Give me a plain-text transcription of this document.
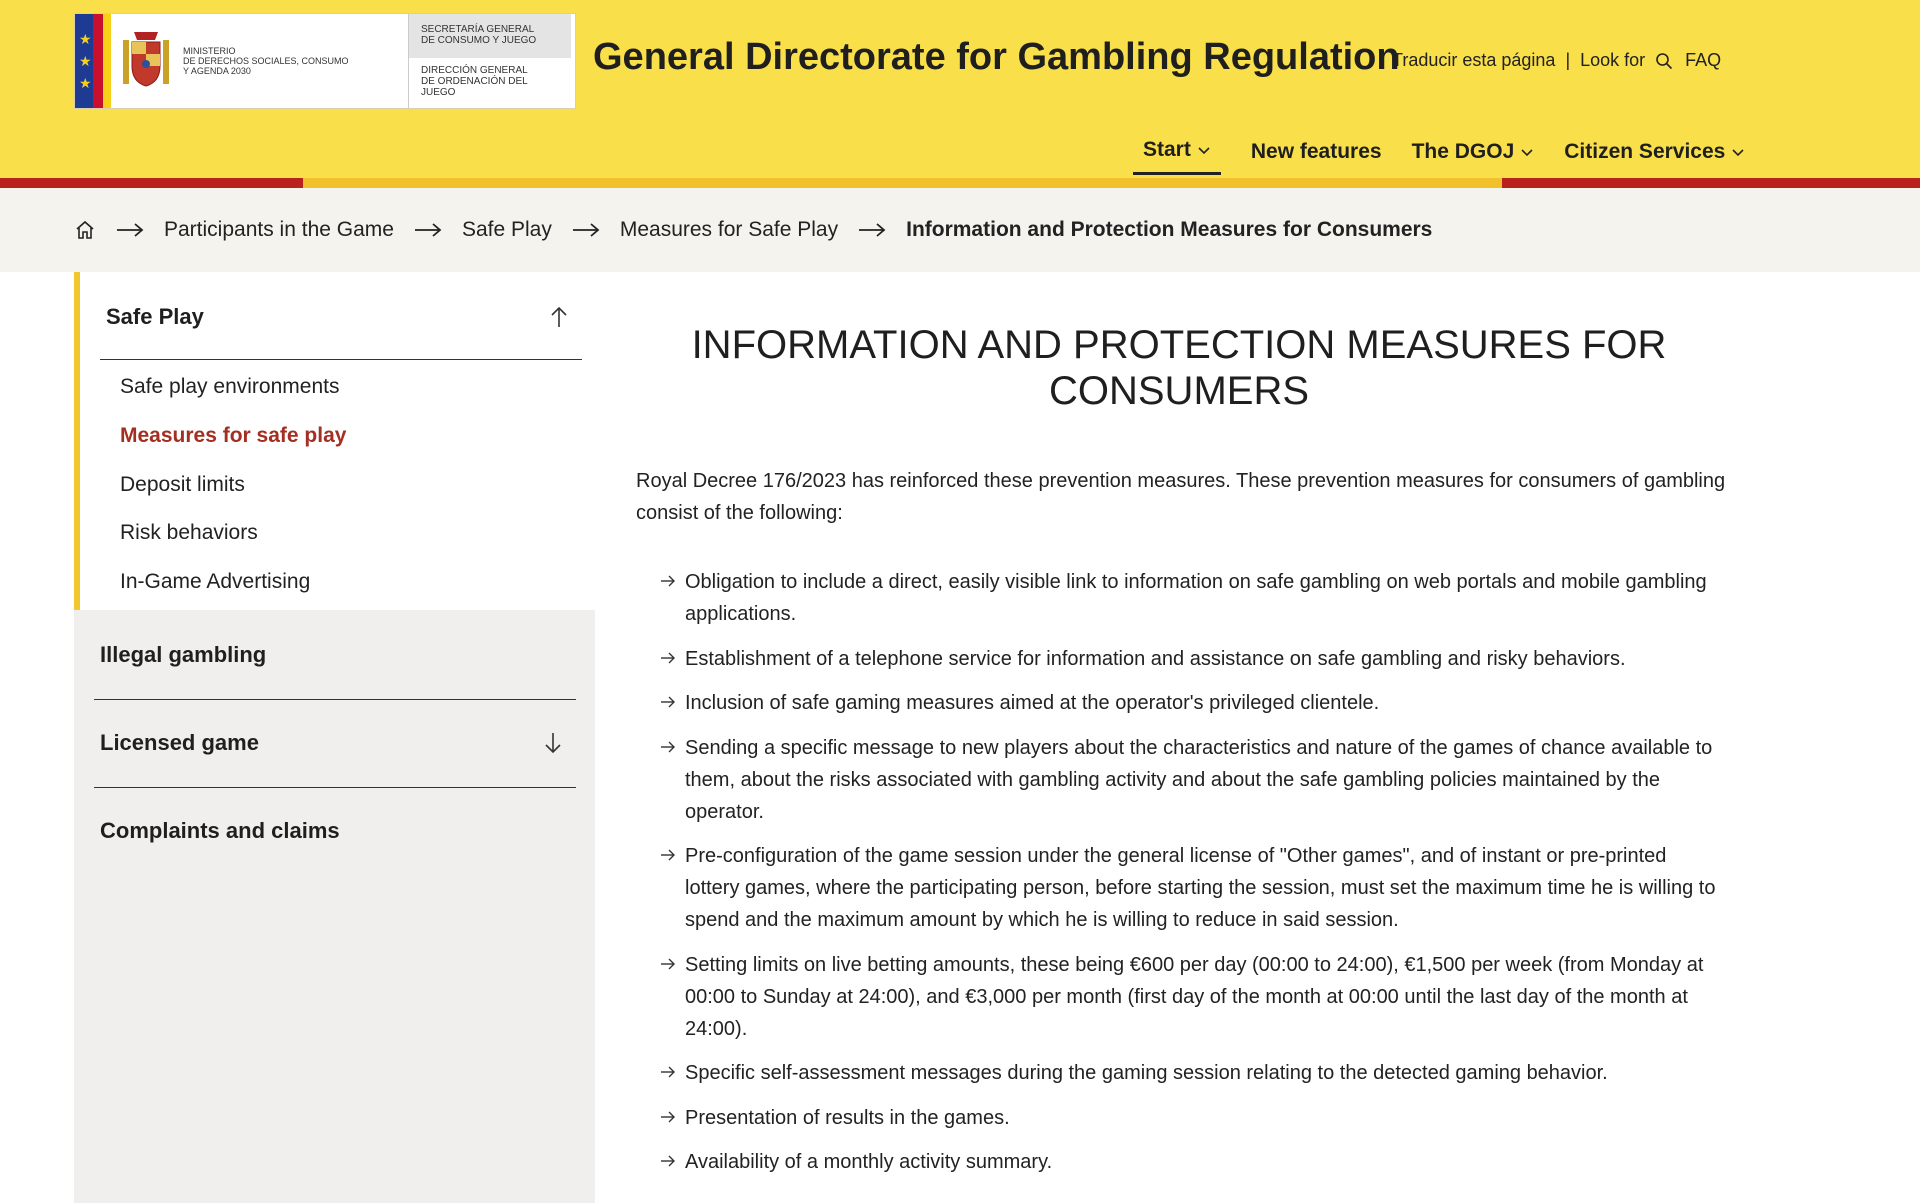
★
★
★
MINISTERIO
DE DERECHOS SOCIALES, CONSUMO
Y AGENDA 2030
SECRETARÍA GENERAL
DE CONSUMO Y JUEGO
DIRECCIÓN GENERAL
DE ORDENACIÓN DEL
JUEGO
General Directorate for Gambling Regulation
Traducir esta página | Look for FAQ
Start	New features The DGOJ Citizen Services
Participants in the Game	Safe Play	Measures for Safe Play	Information and Protection Measures for Consumers
Safe Play
Safe play environments
Measures for safe play
Deposit limits
Risk behaviors
In-Game Advertising
Illegal gambling
Licensed game
Complaints and claims
INFORMATION AND PROTECTION MEASURES FOR CONSUMERS

Royal Decree 176/2023 has reinforced these prevention measures. These prevention measures for consumers of gambling consist of the following:

Obligation to include a direct, easily visible link to information on safe gambling on web portals and mobile gambling applications.
Establishment of a telephone service for information and assistance on safe gambling and risky behaviors.
Inclusion of safe gaming measures aimed at the operator's privileged clientele.
Sending a specific message to new players about the characteristics and nature of the games of chance available to them, about the risks associated with gambling activity and about the safe gambling policies maintained by the operator.
Pre-configuration of the game session under the general license of "Other games", and of instant or pre-printed lottery games, where the participating person, before starting the session, must set the maximum time he is willing to spend and the maximum amount by which he is willing to reduce in said session.
Setting limits on live betting amounts, these being €600 per day (00:00 to 24:00), €1,500 per week (from Monday at 00:00 to Sunday at 24:00), and €3,000 per month (first day of the month at 00:00 until the last day of the month at 24:00).
Specific self-assessment messages during the gaming session relating to the detected gaming behavior.
Presentation of results in the games.
Availability of a monthly activity summary.
